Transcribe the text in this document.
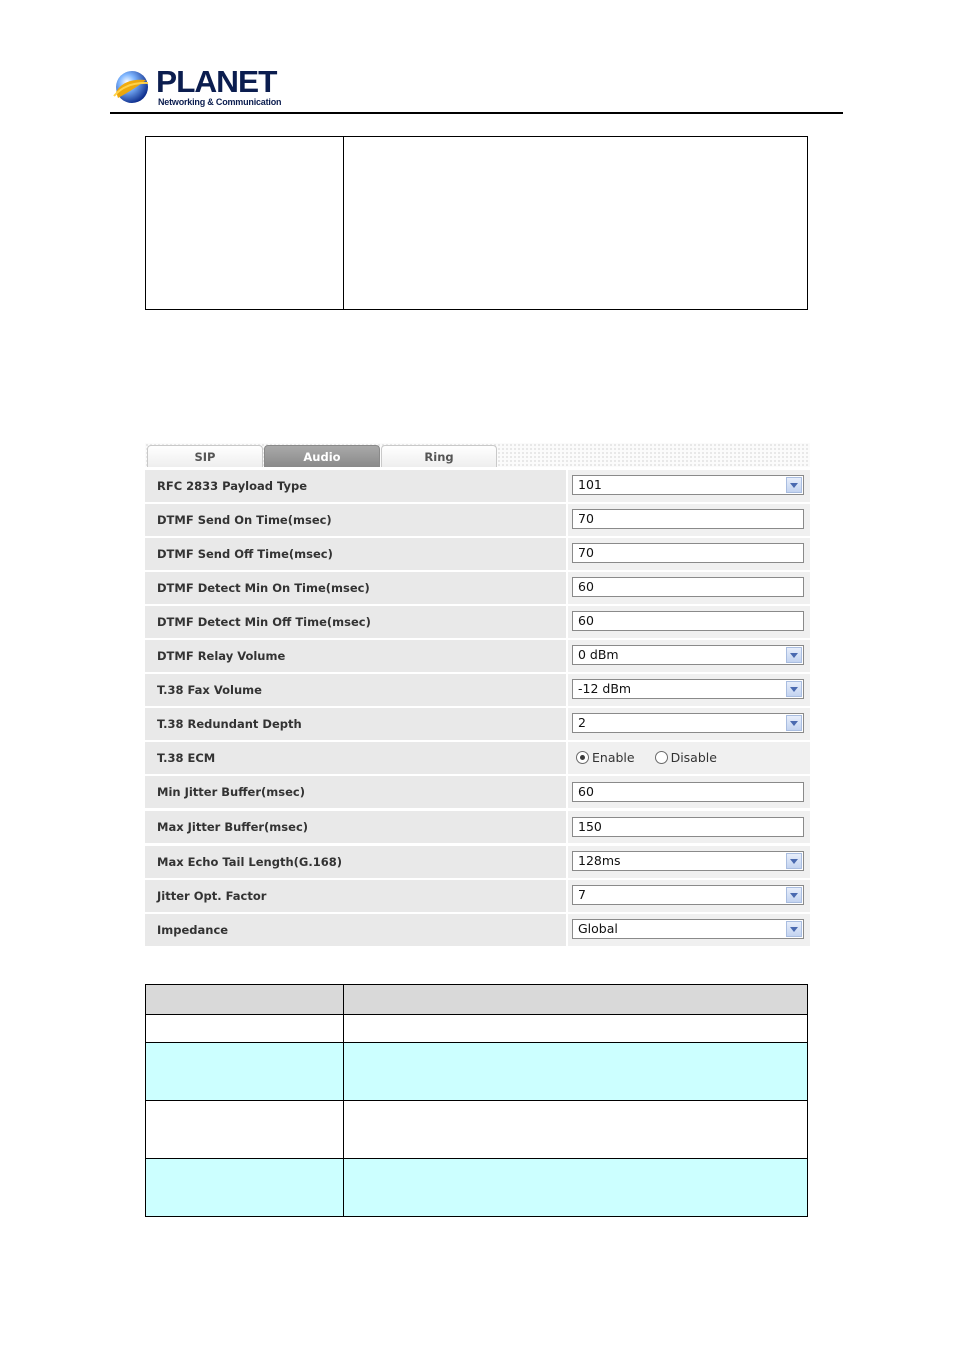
PLANET
Networking & Communication

SIP	Audio	Ring
RFC 2833 Payload Type	101
DTMF Send On Time(msec)	70
DTMF Send Off Time(msec)	70
DTMF Detect Min On Time(msec)	60
DTMF Detect Min Off Time(msec)	60
DTMF Relay Volume	0 dBm
T.38 Fax Volume	-12 dBm
T.38 Redundant Depth	2
T.38 ECM	Enable	Disable
Min Jitter Buffer(msec)	60
Max Jitter Buffer(msec)	150
Max Echo Tail Length(G.168)	128ms
Jitter Opt. Factor	7
Impedance	Global
